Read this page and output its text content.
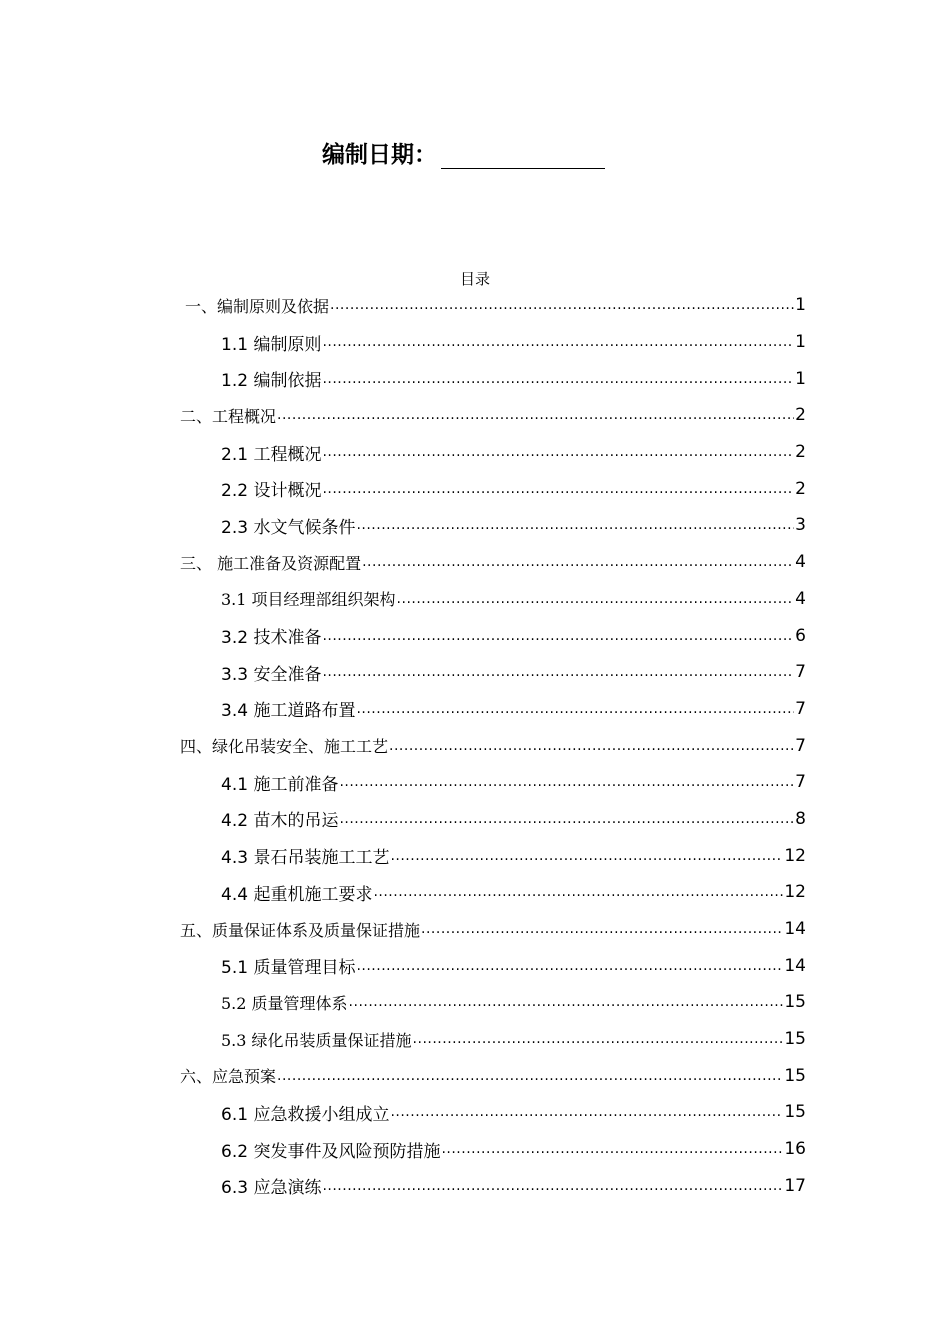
编制日期：
目录
一、编制原则及依据 .....	1
1.1 编制原则 .....	1
1.2 编制依据 .....	1
二、工程概况 .....	2
2.1 工程概况 .....	2
2.2 设计概况 .....	2
2.3 水文气候条件 .....	3
三、 施工准备及资源配置 .....	4
3.1 项目经理部组织架构 .....	4
3.2 技术准备 .....	6
3.3 安全准备 .....	7
3.4 施工道路布置 .....	7
四、绿化吊装安全、施工工艺 .....	7
4.1 施工前准备 .....	7
4.2 苗木的吊运 .....	8
4.3 景石吊装施工工艺 .....	12
4.4 起重机施工要求 .....	12
五、质量保证体系及质量保证措施 .....	14
5.1 质量管理目标 .....	14
5.2 质量管理体系 .....	15
5.3 绿化吊装质量保证措施 .....	15
六、应急预案 .....	15
6.1 应急救援小组成立 .....	15
6.2 突发事件及风险预防措施 .....	16
6.3 应急演练 .....	17
